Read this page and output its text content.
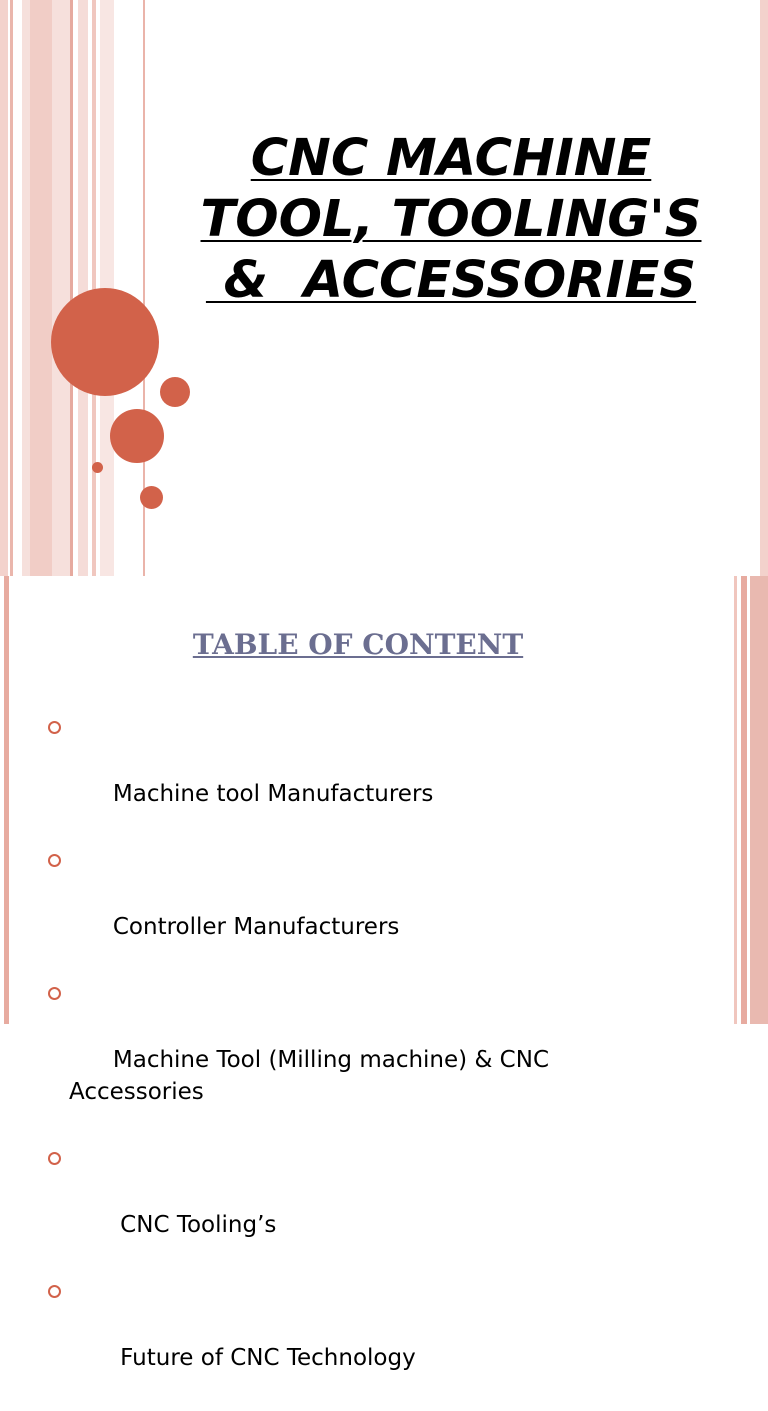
CNC MACHINE
TOOL, TOOLING'S
&  ACCESSORIES
TABLE OF CONTENT

Machine tool Manufacturers

Controller Manufacturers

Machine Tool (Milling machine) & CNC Accessories

CNC Tooling’s

Future of CNC Technology
